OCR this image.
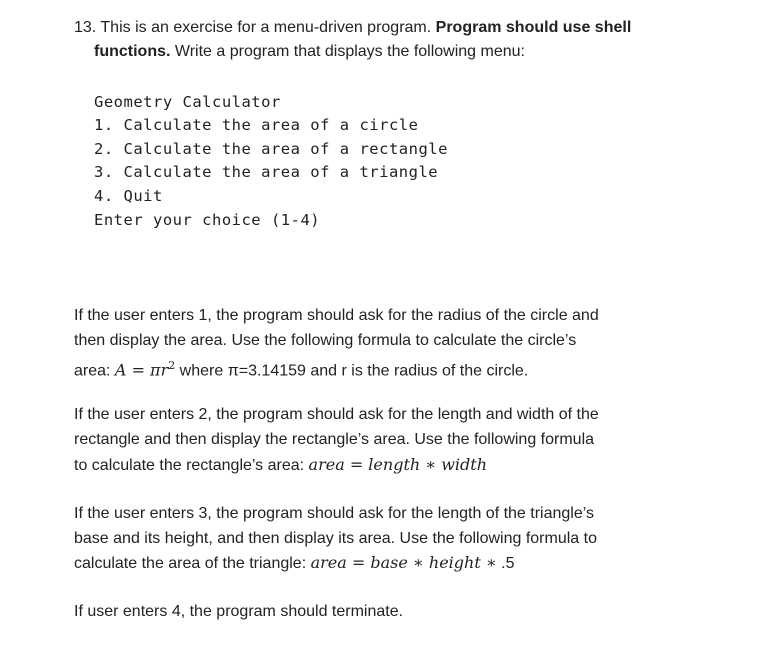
13. This is an exercise for a menu-driven program. Program should use shell
functions. Write a program that displays the following menu:
Geometry Calculator
1. Calculate the area of a circle
2. Calculate the area of a rectangle
3. Calculate the area of a triangle
4. Quit
Enter your choice (1-4)
If the user enters 1, the program should ask for the radius of the circle and
then display the area. Use the following formula to calculate the circle’s
area: $A = \pi r^2$ where π=3.14159 and r is the radius of the circle.
If the user enters 2, the program should ask for the length and width of the
rectangle and then display the rectangle’s area. Use the following formula
to calculate the rectangle’s area: area = length ∗ width
If the user enters 3, the program should ask for the length of the triangle’s
base and its height, and then display its area. Use the following formula to
calculate the area of the triangle: area = base ∗ height ∗ .5
If user enters 4, the program should terminate.
